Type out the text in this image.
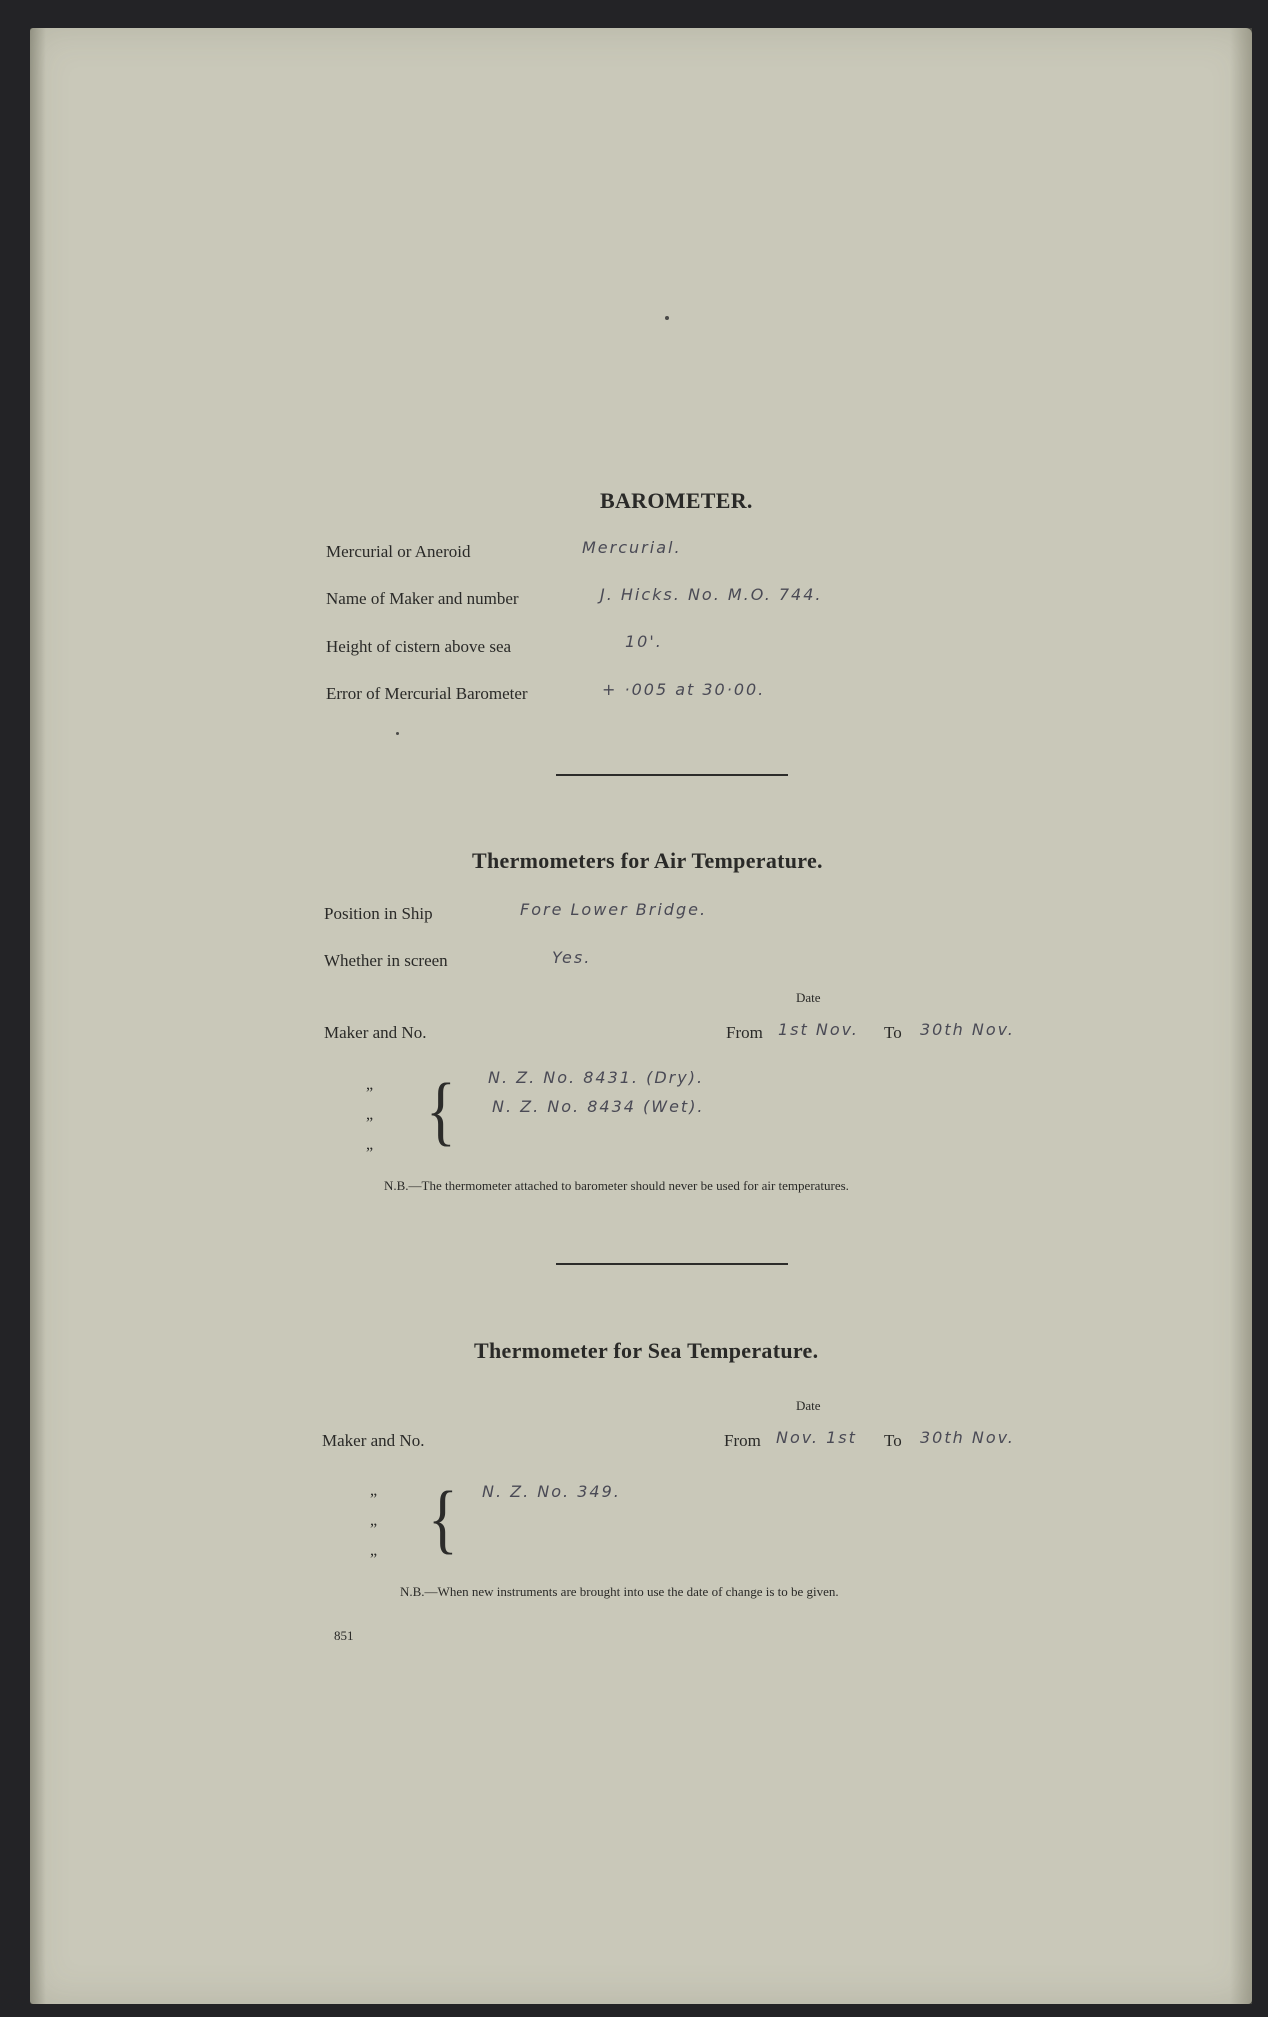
BAROMETER.
Mercurial or Aneroid	Mercurial.
Name of Maker and number	J. Hicks. No. M.O. 744.
Height of cistern above sea	10'.
Error of Mercurial Barometer	+ ·005 at 30·00.
Thermometers for Air Temperature.
Position in Ship	Fore Lower Bridge.
Whether in screen	Yes.
Date
Maker and No.	From 1st Nov. To 30th Nov.
„
„
„ { N. Z. No. 8431. (Dry).
N. Z. No. 8434 (Wet).
N.B.—The thermometer attached to barometer should never be used for air temperatures.
Thermometer for Sea Temperature.
Date
Maker and No.	From Nov. 1st To 30th Nov.
„
„
„ { N. Z. No. 349.
N.B.—When new instruments are brought into use the date of change is to be given.
851
